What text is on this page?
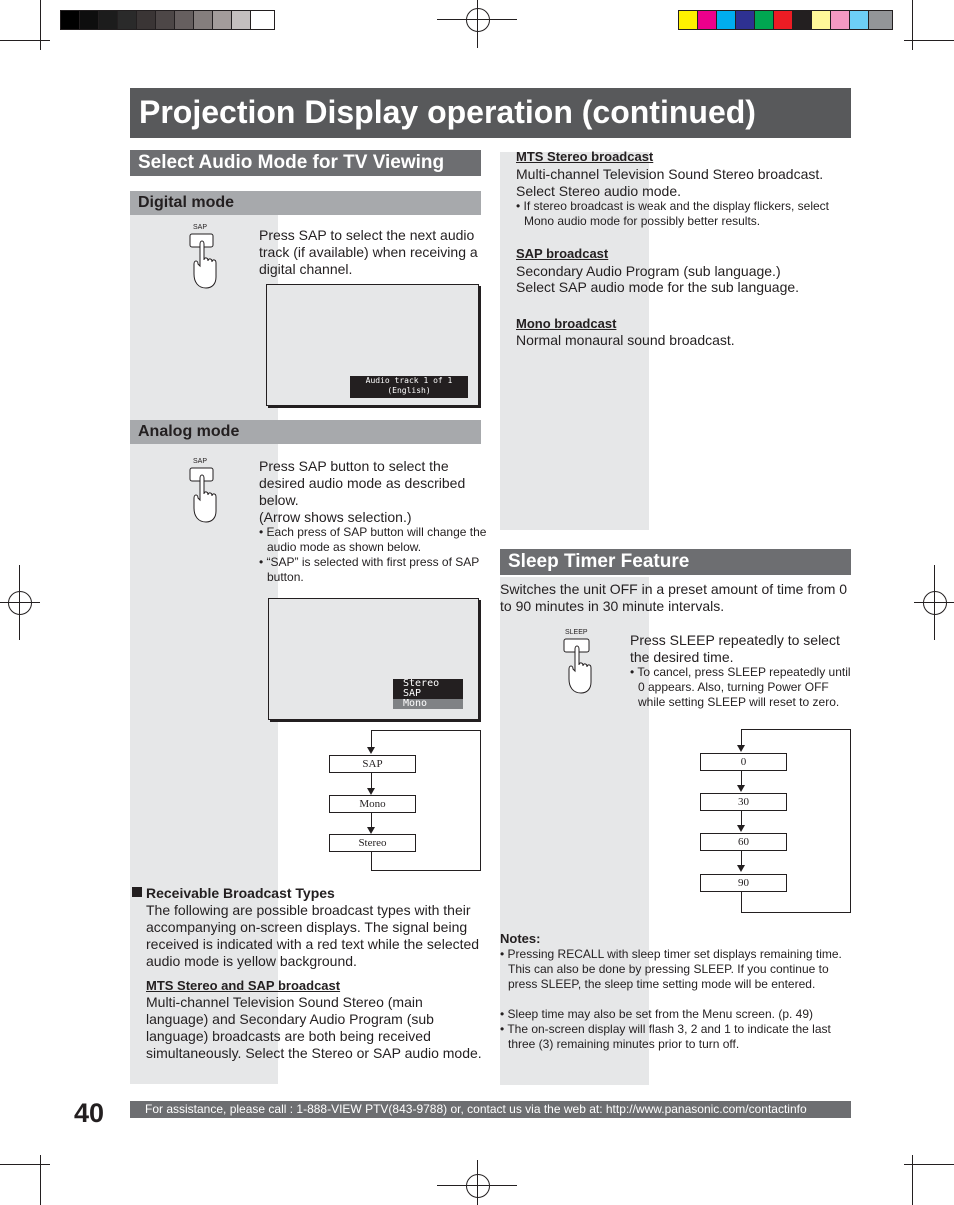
Projection Display operation (continued)
Select Audio Mode for TV Viewing
Digital mode
SAP	Press SAP to select the next audio track (if available) when receiving a digital channel.
Audio track 1 of 1
(English)
Analog mode
SAP	Press SAP button to select the desired audio mode as described below.
(Arrow shows selection.)
• Each press of SAP button will change the audio mode as shown below.
• “SAP” is selected with first press of SAP button.
Stereo
SAP
Mono
SAP
Mono
Stereo
Receivable Broadcast Types
The following are possible broadcast types with their accompanying on-screen displays. The signal being received is indicated with a red text while the selected audio mode is yellow background.
MTS Stereo and SAP broadcast
Multi-channel Television Sound Stereo (main language) and Secondary Audio Program (sub language) broadcasts are both being received simultaneously. Select the Stereo or SAP audio mode.
MTS Stereo broadcast
Multi-channel Television Sound Stereo broadcast.
Select Stereo audio mode.
• If stereo broadcast is weak and the display flickers, select Mono audio mode for possibly better results.
SAP broadcast
Secondary Audio Program (sub language.)
Select SAP audio mode for the sub language.
Mono broadcast
Normal monaural sound broadcast.
Sleep Timer Feature
Switches the unit OFF in a preset amount of time from 0 to 90 minutes in 30 minute intervals.
SLEEP	Press SLEEP repeatedly to select the desired time.
• To cancel, press SLEEP repeatedly until 0 appears. Also, turning Power OFF while setting SLEEP will reset to zero.
0
30
60
90
Notes:
• Pressing RECALL with sleep timer set displays remaining time. This can also be done by pressing SLEEP. If you continue to press SLEEP, the sleep time setting mode will be entered.
• Sleep time may also be set from the Menu screen. (p. 49)
• The on-screen display will flash 3, 2 and 1 to indicate the last three (3) remaining minutes prior to turn off.
40	For assistance, please call : 1-888-VIEW PTV(843-9788) or, contact us via the web at: http://www.panasonic.com/contactinfo
